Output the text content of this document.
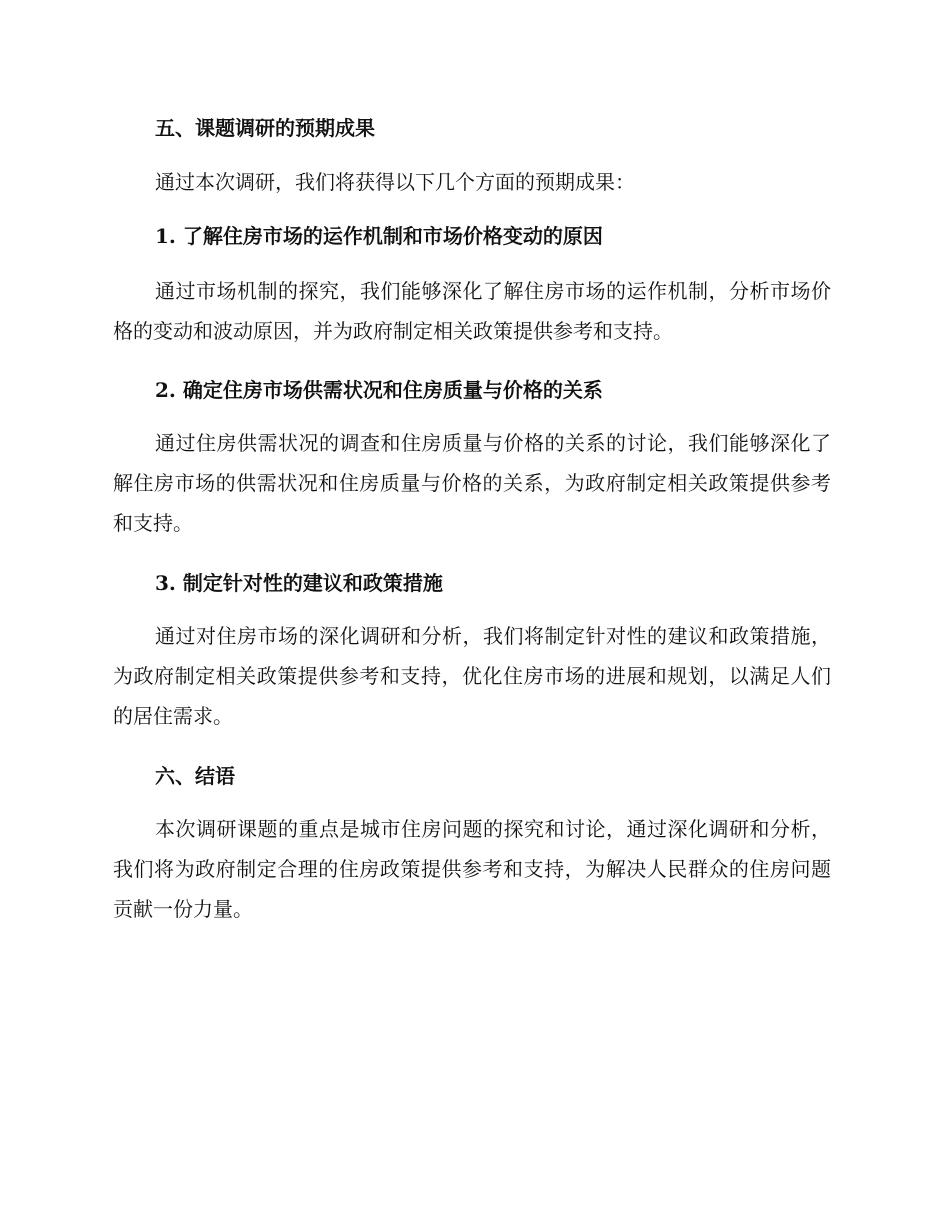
五、课题调研的预期成果

通过本次调研，我们将获得以下几个方面的预期成果：

1. 了解住房市场的运作机制和市场价格变动的原因

通过市场机制的探究，我们能够深化了解住房市场的运作机制，分析市场价格的变动和波动原因，并为政府制定相关政策提供参考和支持。

2. 确定住房市场供需状况和住房质量与价格的关系

通过住房供需状况的调查和住房质量与价格的关系的讨论，我们能够深化了解住房市场的供需状况和住房质量与价格的关系，为政府制定相关政策提供参考和支持。

3. 制定针对性的建议和政策措施

通过对住房市场的深化调研和分析，我们将制定针对性的建议和政策措施，为政府制定相关政策提供参考和支持，优化住房市场的进展和规划，以满足人们的居住需求。

六、结语

本次调研课题的重点是城市住房问题的探究和讨论，通过深化调研和分析，我们将为政府制定合理的住房政策提供参考和支持，为解决人民群众的住房问题贡献一份力量。
